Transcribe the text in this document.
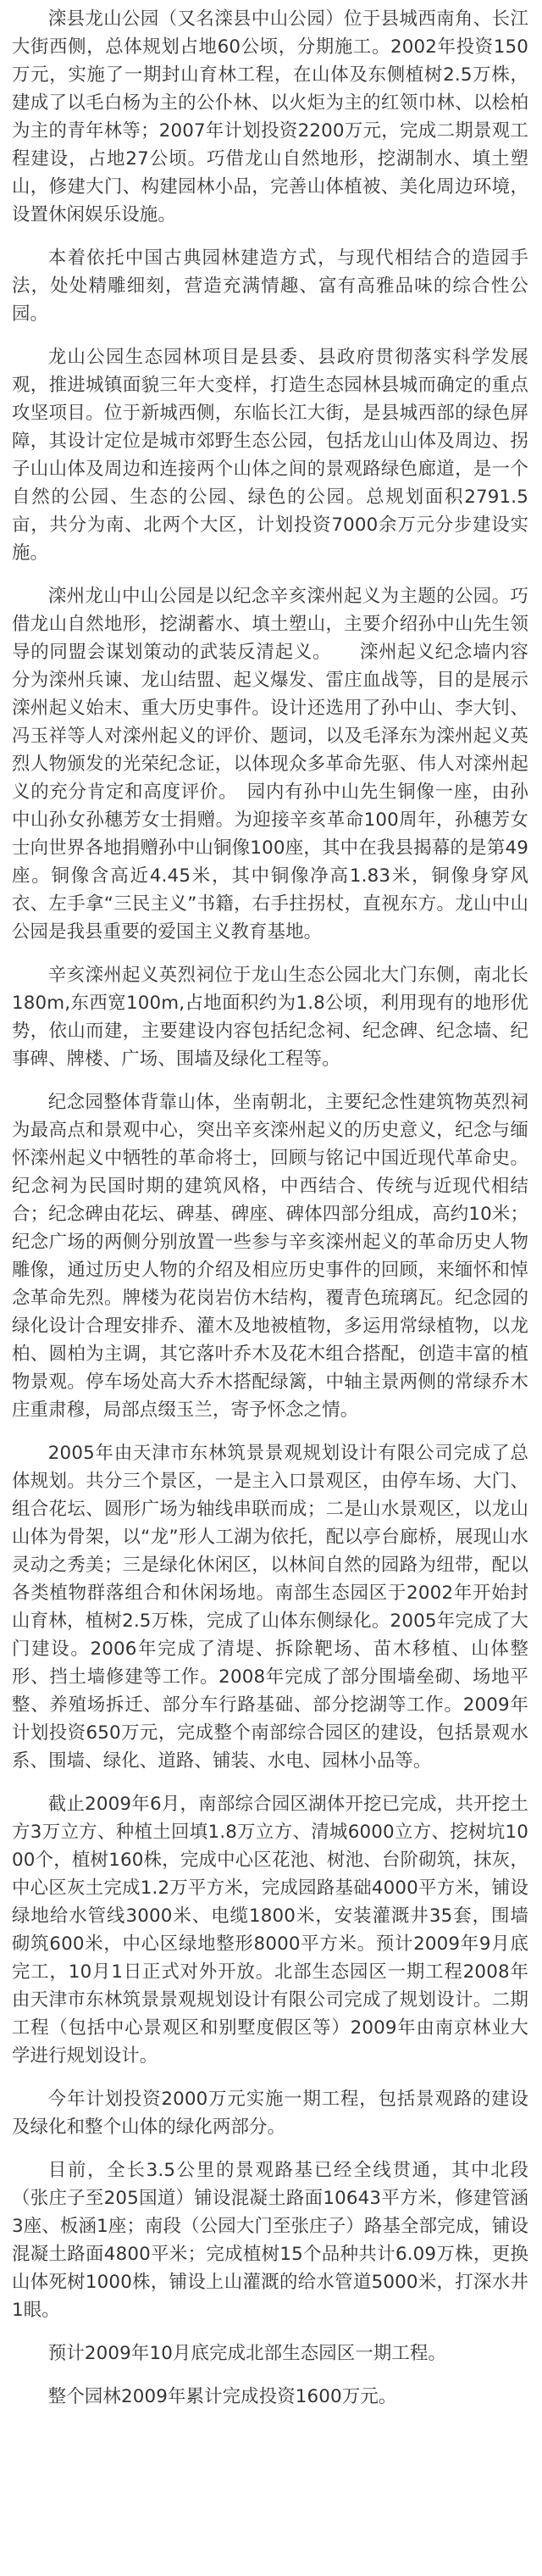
滦县龙山公园（又名滦县中山公园）位于县城西南角、长江大街西侧，总体规划占地60公顷，分期施工。2002年投资150万元，实施了一期封山育林工程，在山体及东侧植树2.5万株，建成了以毛白杨为主的公仆林、以火炬为主的红领巾林、以桧柏为主的青年林等；2007年计划投资2200万元，完成二期景观工程建设，占地27公顷。巧借龙山自然地形，挖湖制水、填土塑山，修建大门、构建园林小品，完善山体植被、美化周边环境，设置休闲娱乐设施。

本着依托中国古典园林建造方式，与现代相结合的造园手法，处处精雕细刻，营造充满情趣、富有高雅品味的综合性公园。

龙山公园生态园林项目是县委、县政府贯彻落实科学发展观，推进城镇面貌三年大变样，打造生态园林县城而确定的重点攻坚项目。位于新城西侧，东临长江大街，是县城西部的绿色屏障，其设计定位是城市郊野生态公园，包括龙山山体及周边、拐子山山体及周边和连接两个山体之间的景观路绿色廊道，是一个自然的公园、生态的公园、绿色的公园。总规划面积2791.5亩，共分为南、北两个大区，计划投资7000余万元分步建设实施。

滦州龙山中山公园是以纪念辛亥滦州起义为主题的公园。巧借龙山自然地形，挖湖蓄水、填土塑山，主要介绍孙中山先生领导的同盟会谋划策动的武装反清起义。　　滦州起义纪念墙内容分为滦州兵谏、龙山结盟、起义爆发、雷庄血战等，目的是展示滦州起义始末、重大历史事件。设计还选用了孙中山、李大钊、冯玉祥等人对滦州起义的评价、题词，以及毛泽东为滦州起义英烈人物颁发的光荣纪念证，以体现众多革命先驱、伟人对滦州起义的充分肯定和高度评价。　园内有孙中山先生铜像一座，由孙中山孙女孙穗芳女士捐赠。为迎接辛亥革命100周年，孙穗芳女士向世界各地捐赠孙中山铜像100座，其中在我县揭幕的是第49座。铜像含高近4.45米，其中铜像净高1.83米，铜像身穿风衣、左手拿“三民主义”书籍，右手拄拐杖，直视东方。龙山中山公园是我县重要的爱国主义教育基地。

辛亥滦州起义英烈祠位于龙山生态公园北大门东侧，南北长180m,东西宽100m,占地面积约为1.8公顷，利用现有的地形优势，依山而建，主要建设内容包括纪念祠、纪念碑、纪念墙、纪事碑、牌楼、广场、围墙及绿化工程等。

纪念园整体背靠山体，坐南朝北，主要纪念性建筑物英烈祠为最高点和景观中心，突出辛亥滦州起义的历史意义，纪念与缅怀滦州起义中牺牲的革命将士，回顾与铭记中国近现代革命史。纪念祠为民国时期的建筑风格，中西结合、传统与近现代相结合；纪念碑由花坛、碑基、碑座、碑体四部分组成，高约10米；纪念广场的两侧分别放置一些参与辛亥滦州起义的革命历史人物雕像，通过历史人物的介绍及相应历史事件的回顾，来缅怀和悼念革命先烈。牌楼为花岗岩仿木结构，覆青色琉璃瓦。纪念园的绿化设计合理安排乔、灌木及地被植物，多运用常绿植物，以龙柏、圆柏为主调，其它落叶乔木及花木组合搭配，创造丰富的植物景观。停车场处高大乔木搭配绿篱，中轴主景两侧的常绿乔木庄重肃穆，局部点缀玉兰，寄予怀念之情。

2005年由天津市东林筑景景观规划设计有限公司完成了总体规划。共分三个景区，一是主入口景观区，由停车场、大门、组合花坛、圆形广场为轴线串联而成；二是山水景观区，以龙山山体为骨架，以“龙”形人工湖为依托，配以亭台廊桥，展现山水灵动之秀美；三是绿化休闲区，以林间自然的园路为纽带，配以各类植物群落组合和休闲场地。南部生态园区于2002年开始封山育林，植树2.5万株，完成了山体东侧绿化。2005年完成了大门建设。2006年完成了清堤、拆除靶场、苗木移植、山体整形、挡土墙修建等工作。2008年完成了部分围墙垒砌、场地平整、养殖场拆迁、部分车行路基础、部分挖湖等工作。2009年计划投资650万元，完成整个南部综合园区的建设，包括景观水系、围墙、绿化、道路、铺装、水电、园林小品等。

截止2009年6月，南部综合园区湖体开挖已完成，共开挖土方3万立方、种植土回填1.8万立方、清城6000立方、挖树坑1000个，植树160株，完成中心区花池、树池、台阶砌筑，抹灰，中心区灰土完成1.2万平方米，完成园路基础4000平方米，铺设绿地给水管线3000米、电缆1800米，安装灌溉井35套，围墙砌筑600米，中心区绿地整形8000平方米。预计2009年9月底完工，10月1日正式对外开放。北部生态园区一期工程2008年由天津市东林筑景景观规划设计有限公司完成了规划设计。二期工程（包括中心景观区和别墅度假区等）2009年由南京林业大学进行规划设计。

今年计划投资2000万元实施一期工程，包括景观路的建设及绿化和整个山体的绿化两部分。

目前，全长3.5公里的景观路基已经全线贯通，其中北段（张庄子至205国道）铺设混凝土路面10643平方米，修建管涵3座、板涵1座；南段（公园大门至张庄子）路基全部完成，铺设混凝土路面4800平米；完成植树15个品种共计6.09万株，更换山体死树1000株，铺设上山灌溉的给水管道5000米，打深水井1眼。

预计2009年10月底完成北部生态园区一期工程。

整个园林2009年累计完成投资1600万元。
